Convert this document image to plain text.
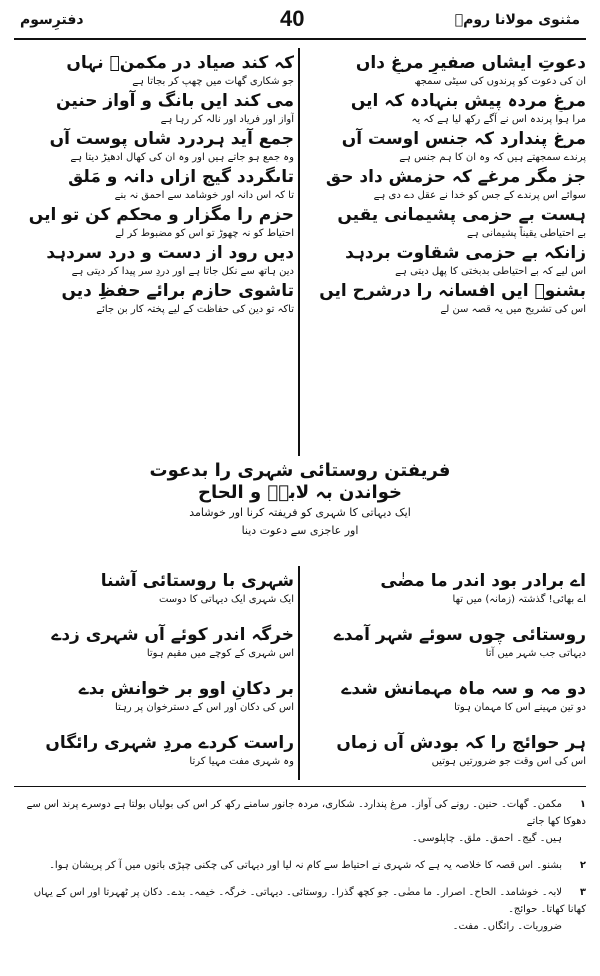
مثنوی مولانا رومؒ
40
دفترِسوم
دعوتِ ایشاں صفیرِ مرغِ داں
ان کی دعوت کو پرندوں کی سیٹی سمجھ
مرغِ مردہ پیش بنہادہ کہ ایں
مرا ہوا پرندہ اس نے آگے رکھ لیا ہے کہ یہ
مرغ پندارد کہ جنس اوست آں
پرندے سمجھتے ہیں کہ وہ ان کا ہم جنس ہے
جز مگر مرغے کہ حزمش داد حق
سوائے اس پرندے کے جس کو خدا نے عقل دے دی ہے
ہست بے حزمی پشیمانی یقیں
بے احتیاطی یقیناً پشیمانی ہے
زانکہ بے حزمی شقاوت بردہد
اس لیے کہ بے احتیاطی بدبختی کا پھل دیتی ہے
بشنوؔ ایں افسانہ را درشرح ایں
اس کی تشریح میں یہ قصہ سن لے
کہ کند صیاد در مکمنؔ نہاں
جو شکاری گھات میں چھپ کر بجاتا ہے
می کند ایں بانگ و آواز حنین
آواز اور فریاد اور نالہ کر رہا ہے
جمع آید ہردرد شاں پوست آں
وہ جمع ہو جاتے ہیں اور وہ ان کی کھال ادھیڑ دیتا ہے
تاںگردد گیج ازاں دانہ و مَلق
تا کہ اس دانہ اور خوشامد سے احمق نہ بنے
حزم را مگزار و محکم کن تو ایں
احتیاط کو نہ چھوڑ تو اس کو مضبوط کر لے
دیں رود از دست و درد سردہد
دین ہاتھ سے نکل جاتا ہے اور دردِ سر پیدا کر دیتی ہے
تاشوی حازم برائے حفظِ دیں
تاکہ تو دین کی حفاظت کے لیے پختہ کار بن جائے
فریفتن روستائی شہری را بدعوت
خواندن بہ لابہؔ و الحاح
ایک دیہاتی کا شہری کو فریفتہ کرنا اور خوشامد
اور عاجزی سے دعوت دینا
اے برادر بود اندر ما مضٰی
اے بھائی! گذشتہ (زمانہ) میں تھا
روستائی چوں سوئے شہر آمدے
دیہاتی جب شہر میں آتا
دو مہ و سہ ماہ مہمانش شدے
دو تین مہینے اس کا مہمان ہوتا
ہر حوائج را کہ بودش آں زماں
اس کی اس وقت جو ضرورتیں ہوتیں
شہری با روستائی آشنا
ایک شہری ایک دیہاتی کا دوست
خرگہ اندر کوئے آں شہری زدے
اس شہری کے کوچے میں مقیم ہوتا
بر دکانِ اوو بر خوانش بدے
اس کی دکان اور اس کے دسترخوان پر رہتا
راست کردے مردِ شہری رائگاں
وہ شہری مفت مہیا کرتا
۱مکمن۔ گھات۔ حنین۔ رونے کی آواز۔ مرغ پندارد۔ شکاری، مردہ جانور سامنے رکھ کر اس کی بولیاں بولتا ہے دوسرے پرند اس سے دھوکا کھا جاتے
ہیں۔ گیج۔ احمق۔ ملق۔ چاپلوسی۔
۲بشنو۔ اس قصہ کا خلاصہ یہ ہے کہ شہری نے احتیاط سے کام نہ لیا اور دیہاتی کی چکنی چپڑی باتوں میں آ کر پریشان ہوا۔
۳لابہ۔ خوشامد۔ الحاح۔ اصرار۔ ما مضٰی۔ جو کچھ گذرا۔ روستائی۔ دیہاتی۔ خرگہ۔ خیمہ۔ بدے۔ دکان پر ٹھہرتا اور اس کے یہاں کھانا کھاتا۔ حوائج۔
ضروریات۔ رائگاں۔ مفت۔
